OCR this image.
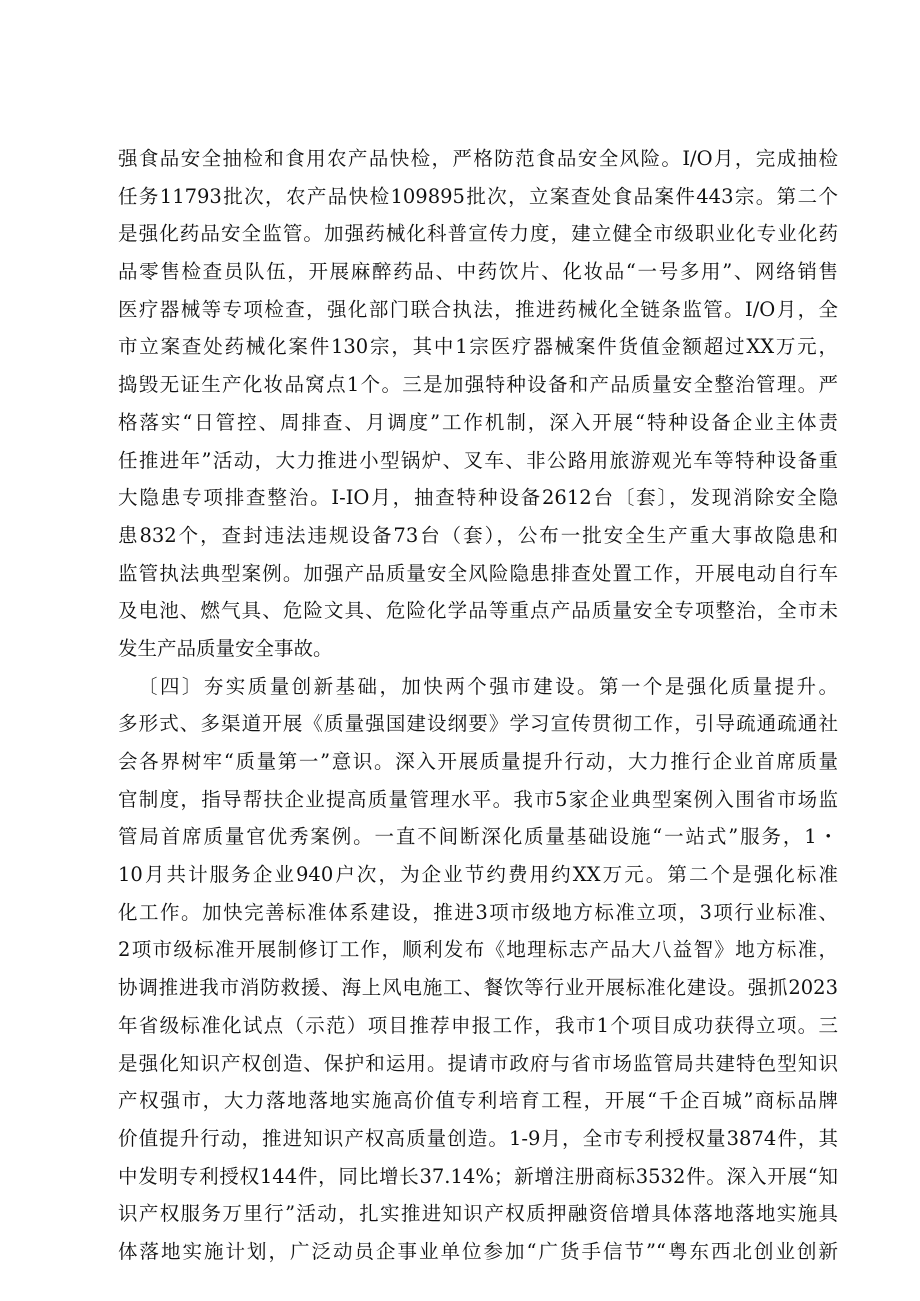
强食品安全抽检和食用农产品快检，严格防范食品安全风险。I/O月，完成抽检
任务11793批次，农产品快检109895批次，立案查处食品案件443宗。第二个
是强化药品安全监管。加强药械化科普宣传力度，建立健全市级职业化专业化药
品零售检查员队伍，开展麻醉药品、中药饮片、化妆品“一号多用”、网络销售
医疗器械等专项检查，强化部门联合执法，推进药械化全链条监管。I/O月，全
市立案查处药械化案件130宗，其中1宗医疗器械案件货值金额超过XX万元，
捣毁无证生产化妆品窝点1个。三是加强特种设备和产品质量安全整治管理。严
格落实“日管控、周排查、月调度”工作机制，深入开展“特种设备企业主体责
任推进年”活动，大力推进小型锅炉、叉车、非公路用旅游观光车等特种设备重
大隐患专项排查整治。I-IO月，抽查特种设备2612台〔套〕，发现消除安全隐
患832个，查封违法违规设备73台（套），公布一批安全生产重大事故隐患和
监管执法典型案例。加强产品质量安全风险隐患排查处置工作，开展电动自行车
及电池、燃气具、危险文具、危险化学品等重点产品质量安全专项整治，全市未
发生产品质量安全事故。
〔四〕夯实质量创新基础，加快两个强市建设。第一个是强化质量提升。
多形式、多渠道开展《质量强国建设纲要》学习宣传贯彻工作，引导疏通疏通社
会各界树牢“质量第一”意识。深入开展质量提升行动，大力推行企业首席质量
官制度，指导帮扶企业提高质量管理水平。我市5家企业典型案例入围省市场监
管局首席质量官优秀案例。一直不间断深化质量基础设施“一站式”服务，1・
10月共计服务企业940户次，为企业节约费用约XX万元。第二个是强化标准
化工作。加快完善标准体系建设，推进3项市级地方标准立项，3项行业标准、
2项市级标准开展制修订工作，顺利发布《地理标志产品大八益智》地方标准，
协调推进我市消防救援、海上风电施工、餐饮等行业开展标准化建设。强抓2023
年省级标准化试点（示范）项目推荐申报工作，我市1个项目成功获得立项。三
是强化知识产权创造、保护和运用。提请市政府与省市场监管局共建特色型知识
产权强市，大力落地落地实施高价值专利培育工程，开展“千企百城”商标品牌
价值提升行动，推进知识产权高质量创造。1-9月，全市专利授权量3874件，其
中发明专利授权144件，同比增长37.14%；新增注册商标3532件。深入开展“知
识产权服务万里行”活动，扎实推进知识产权质押融资倍增具体落地落地实施具
体落地实施计划，广泛动员企事业单位参加“广货手信节”“粤东西北创业创新
